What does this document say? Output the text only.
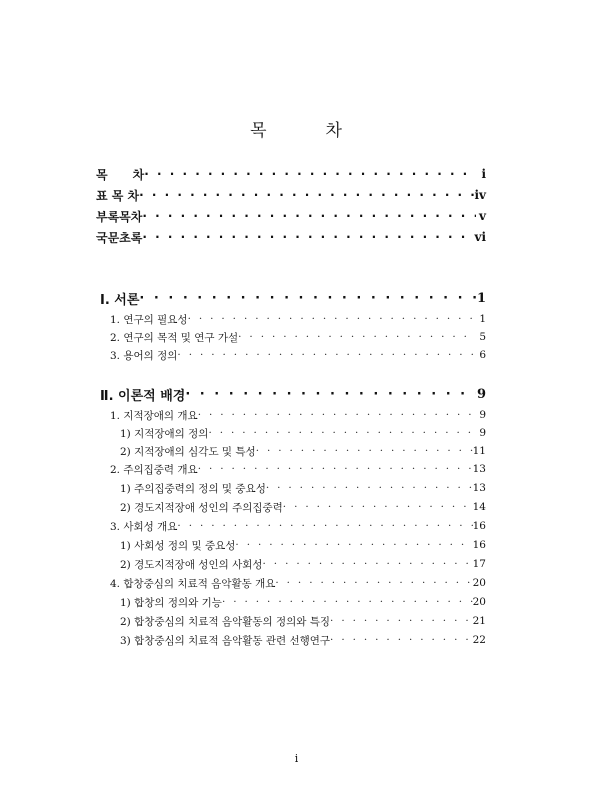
목	차
목      차 · · ·	i
표 목 차 · · ·	iv
부록목차 · · ·	v
국문초록 · · ·	vi
Ⅰ. 서론 · · ·	1
1. 연구의 필요성 · · ·	1
2. 연구의 목적 및 연구 가설 · · ·	5
3. 용어의 정의 · · ·	6
Ⅱ. 이론적 배경 · · ·	9
1. 지적장애의 개요 · · ·	9
1) 지적장애의 정의 · · ·	9
2) 지적장애의 심각도 및 특성 · · ·	11
2. 주의집중력 개요 · · ·	13
1) 주의집중력의 정의 및 중요성 · · ·	13
2) 경도지적장애 성인의 주의집중력 · · ·	14
3. 사회성 개요 · · ·	16
1) 사회성 정의 및 중요성 · · ·	16
2) 경도지적장애 성인의 사회성 · · ·	17
4. 합창중심의 치료적 음악활동 개요 · · ·	20
1) 합창의 정의와 기능 · · ·	20
2) 합창중심의 치료적 음악활동의 정의와 특징 · · ·	21
3) 합창중심의 치료적 음악활동 관련 선행연구 · · ·	22
i
